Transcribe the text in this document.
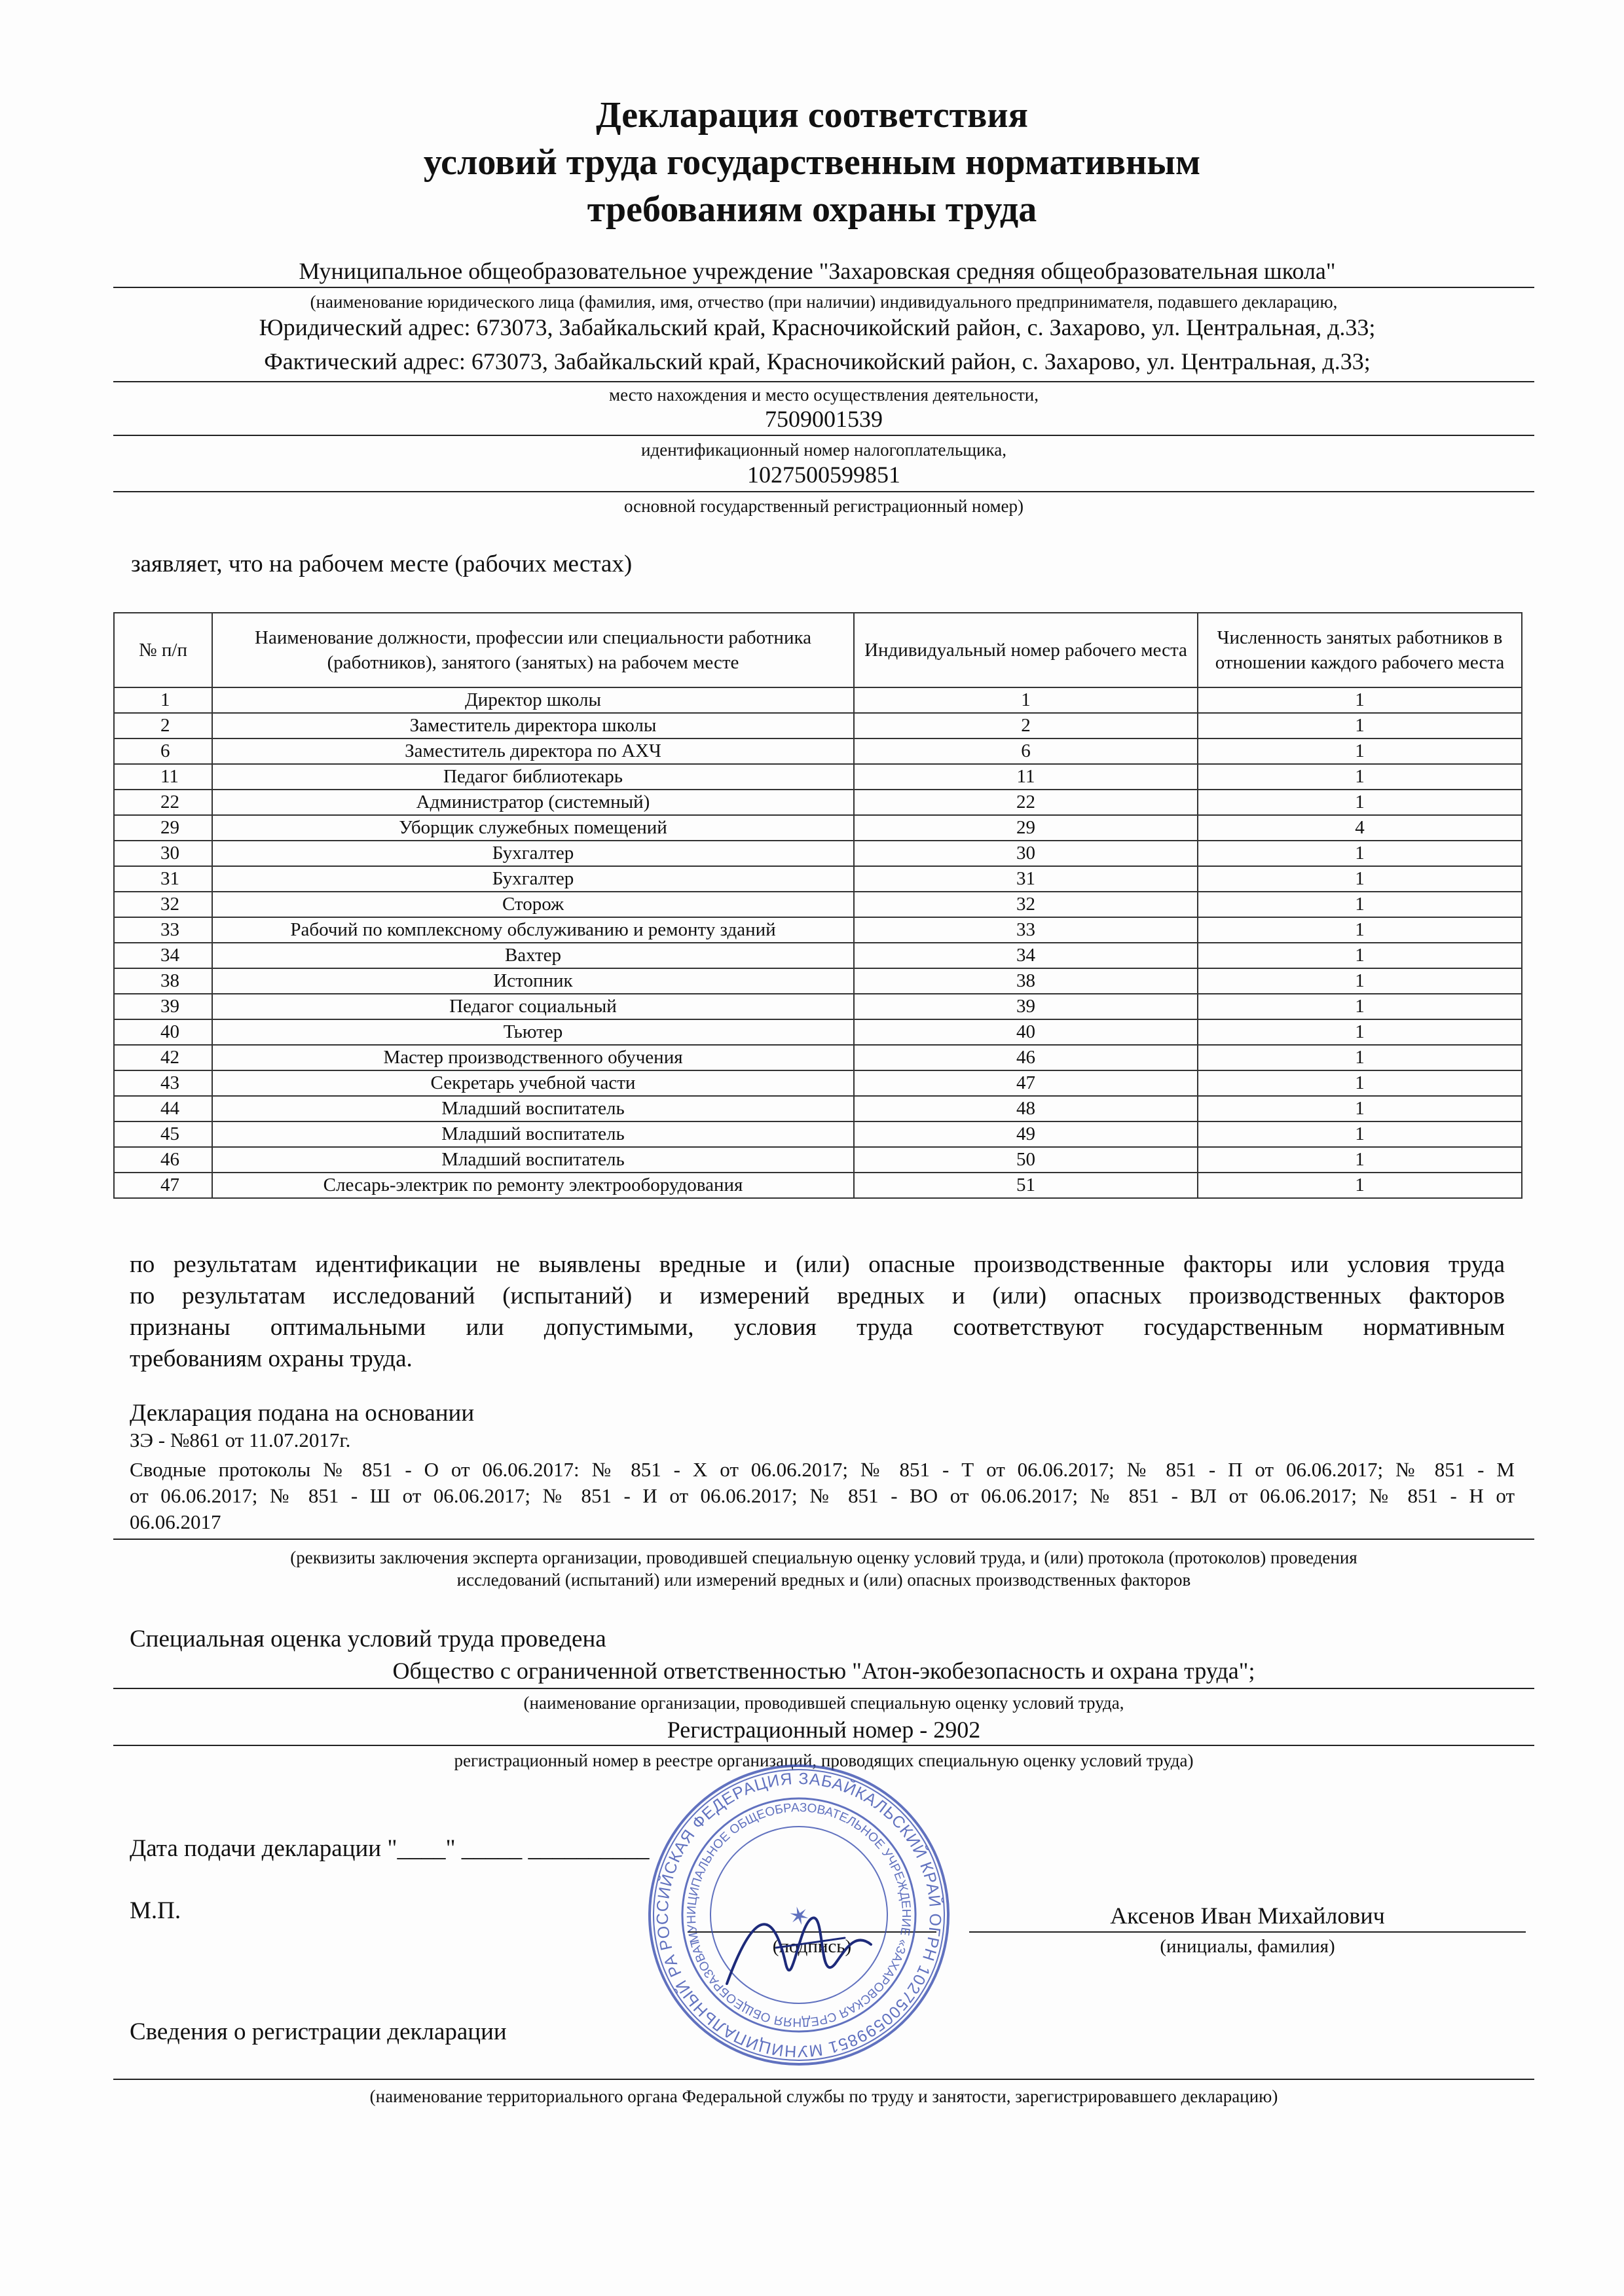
Декларация соответствия
условий труда государственным нормативным
требованиям охраны труда
Муниципальное общеобразовательное учреждение "Захаровская средняя общеобразовательная школа"
(наименование юридического лица (фамилия, имя, отчество (при наличии) индивидуального предпринимателя, подавшего декларацию,
Юридический адрес: 673073, Забайкальский край, Красночикойский район, с. Захарово, ул. Центральная, д.33;
Фактический адрес: 673073, Забайкальский край, Красночикойский район, с. Захарово, ул. Центральная, д.33;
место нахождения и место осуществления деятельности,
7509001539
идентификационный номер налогоплательщика,
1027500599851
основной государственный регистрационный номер)
заявляет, что на рабочем месте (рабочих местах)
№ п/п	Наименование должности, профессии или специальности работника (работников), занятого (занятых) на рабочем месте	Индивидуальный номер рабочего места	Численность занятых работников в отношении каждого рабочего места
1	Директор школы	1	1
2	Заместитель директора школы	2	1
6	Заместитель директора по АХЧ	6	1
11	Педагог библиотекарь	11	1
22	Администратор (системный)	22	1
29	Уборщик служебных помещений	29	4
30	Бухгалтер	30	1
31	Бухгалтер	31	1
32	Сторож	32	1
33	Рабочий по комплексному обслуживанию и ремонту зданий	33	1
34	Вахтер	34	1
38	Истопник	38	1
39	Педагог социальный	39	1
40	Тьютер	40	1
42	Мастер производственного обучения	46	1
43	Секретарь учебной части	47	1
44	Младший воспитатель	48	1
45	Младший воспитатель	49	1
46	Младший воспитатель	50	1
47	Слесарь-электрик по ремонту электрооборудования	51	1
по результатам идентификации не выявлены вредные и (или) опасные производственные факторы или условия труда
по результатам исследований (испытаний) и измерений вредных и (или) опасных производственных факторов
признаны оптимальными или допустимыми, условия труда соответствуют государственным нормативным
требованиям охраны труда.
Декларация подана на основании
ЗЭ - №861 от 11.07.2017г.
Сводные протоколы № 851 - О от 06.06.2017: № 851 - Х от 06.06.2017; № 851 - Т от 06.06.2017; № 851 - П от 06.06.2017; № 851 - М
от 06.06.2017; № 851 - Ш от 06.06.2017; № 851 - И от 06.06.2017; № 851 - ВО от 06.06.2017; № 851 - ВЛ от 06.06.2017; № 851 - Н от
06.06.2017
(реквизиты заключения эксперта организации, проводившей специальную оценку условий труда, и (или) протокола (протоколов) проведения
исследований (испытаний) или измерений вредных и (или) опасных производственных факторов
Специальная оценка условий труда проведена
Общество с ограниченной ответственностью "Атон-экобезопасность и охрана труда";
(наименование организации, проводившей специальную оценку условий труда,
Регистрационный номер - 2902
регистрационный номер в реестре организаций, проводящих специальную оценку условий труда)
Дата подачи декларации "____" _____ __________
М.П.	Аксенов Иван Михайлович
(инициалы, фамилия)
(подпись)
Сведения о регистрации декларации
(наименование территориального органа Федеральной службы по труду и занятости, зарегистрировавшего декларацию)
РОССИЙСКАЯ ФЕДЕРАЦИЯ ЗАБАЙКАЛЬСКИЙ КРАЙ ОГРН 1027500599851 МУНИЦИПАЛЬНЫЙ РАЙОН
МУНИЦИПАЛЬНОЕ ОБЩЕОБРАЗОВАТЕЛЬНОЕ УЧРЕЖДЕНИЕ «ЗАХАРОВСКАЯ СРЕДНЯЯ ОБЩЕОБРАЗОВАТЕЛЬНАЯ
✶
